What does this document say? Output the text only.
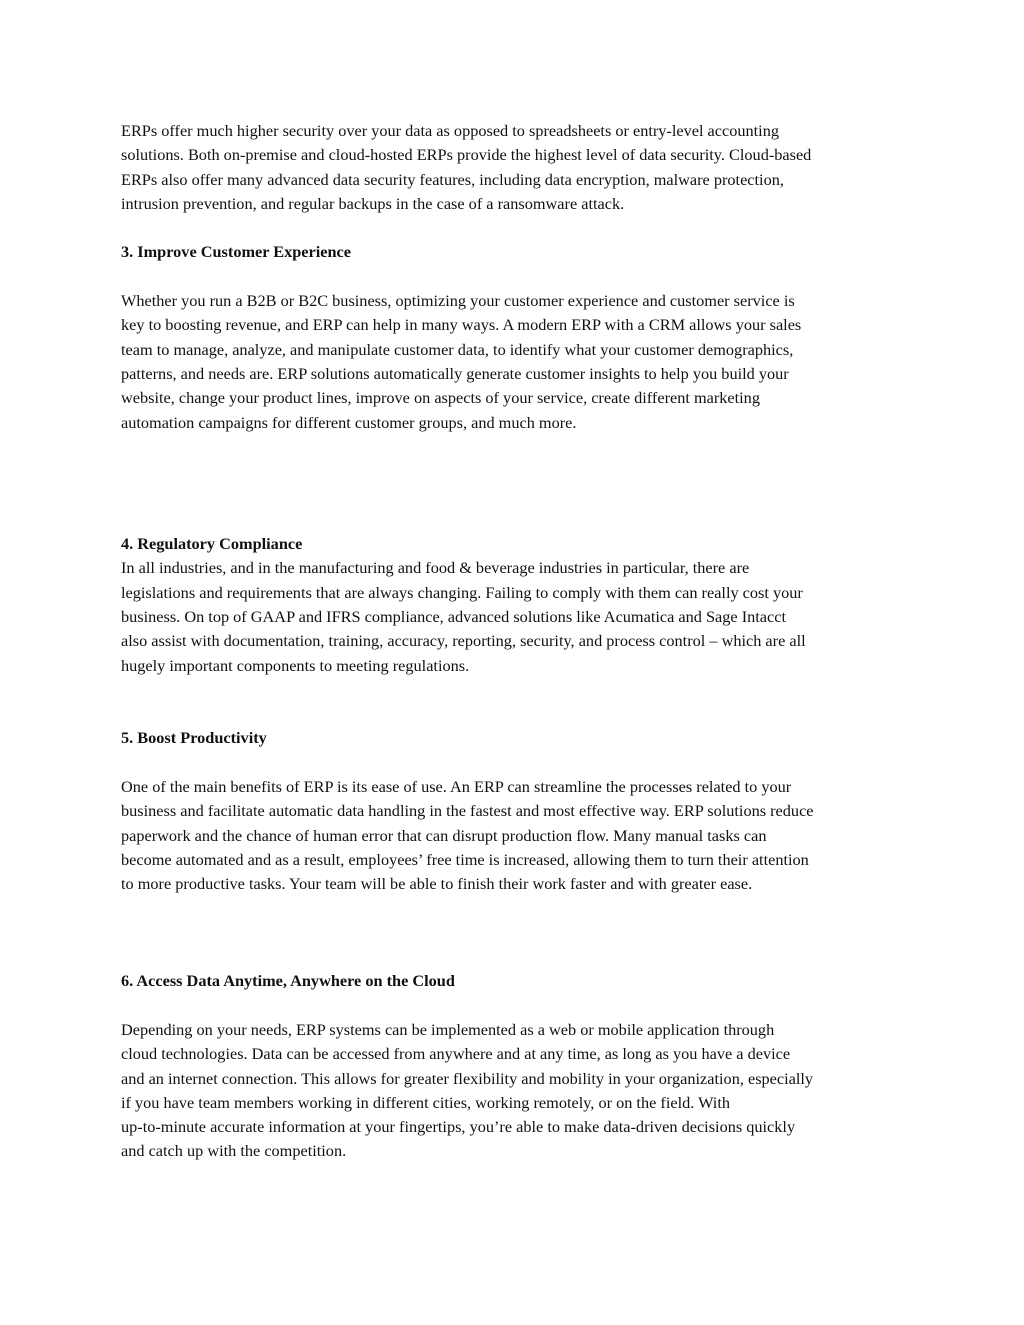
ERPs offer much higher security over your data as opposed to spreadsheets or entry-level accounting
solutions. Both on-premise and cloud-hosted ERPs provide the highest level of data security. Cloud-based
ERPs also offer many advanced data security features, including data encryption, malware protection,
intrusion prevention, and regular backups in the case of a ransomware attack.

3. Improve Customer Experience

Whether you run a B2B or B2C business, optimizing your customer experience and customer service is
key to boosting revenue, and ERP can help in many ways. A modern ERP with a CRM allows your sales
team to manage, analyze, and manipulate customer data, to identify what your customer demographics,
patterns, and needs are. ERP solutions automatically generate customer insights to help you build your
website, change your product lines, improve on aspects of your service, create different marketing
automation campaigns for different customer groups, and much more.

4. Regulatory Compliance

In all industries, and in the manufacturing and food & beverage industries in particular, there are
legislations and requirements that are always changing. Failing to comply with them can really cost your
business. On top of GAAP and IFRS compliance, advanced solutions like Acumatica and Sage Intacct
also assist with documentation, training, accuracy, reporting, security, and process control – which are all
hugely important components to meeting regulations.

5. Boost Productivity

One of the main benefits of ERP is its ease of use. An ERP can streamline the processes related to your
business and facilitate automatic data handling in the fastest and most effective way. ERP solutions reduce
paperwork and the chance of human error that can disrupt production flow. Many manual tasks can
become automated and as a result, employees’ free time is increased, allowing them to turn their attention
to more productive tasks. Your team will be able to finish their work faster and with greater ease.

6. Access Data Anytime, Anywhere on the Cloud

Depending on your needs, ERP systems can be implemented as a web or mobile application through
cloud technologies. Data can be accessed from anywhere and at any time, as long as you have a device
and an internet connection. This allows for greater flexibility and mobility in your organization, especially
if you have team members working in different cities, working remotely, or on the field. With
up-to-minute accurate information at your fingertips, you’re able to make data-driven decisions quickly
and catch up with the competition.
